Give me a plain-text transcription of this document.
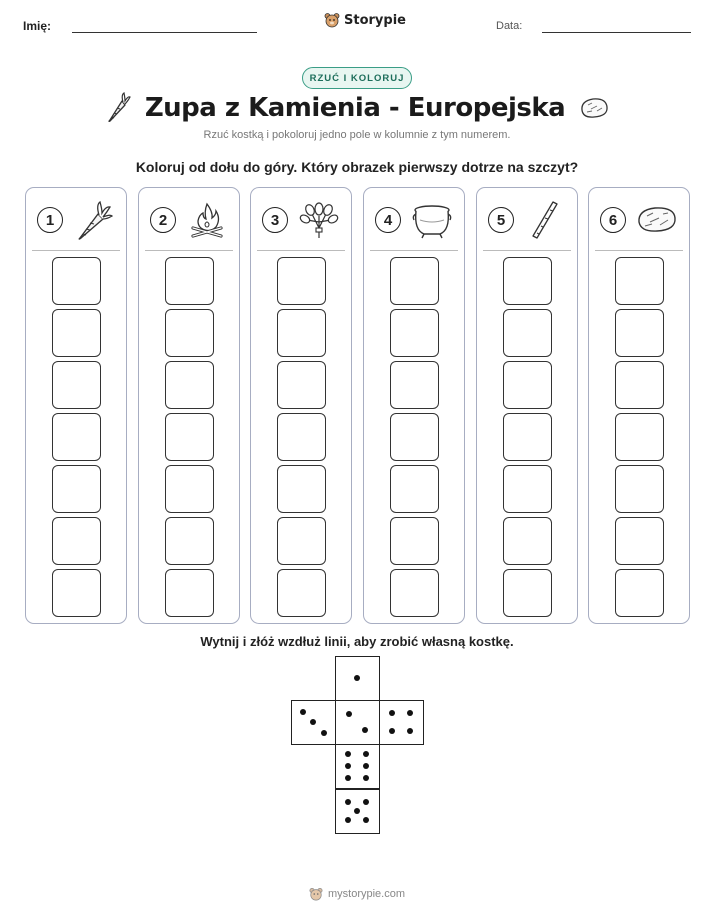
Imię:	Storypie	Data:
RZUĆ I KOLORUJ
Zupa z Kamienia - Europejska
Rzuć kostką i pokoloruj jedno pole w kolumnie z tym numerem.
Koloruj od dołu do góry. Który obrazek pierwszy dotrze na szczyt?
1	2	3	4	5	6
Wytnij i złóż wzdłuż linii, aby zrobić własną kostkę.
mystorypie.com
